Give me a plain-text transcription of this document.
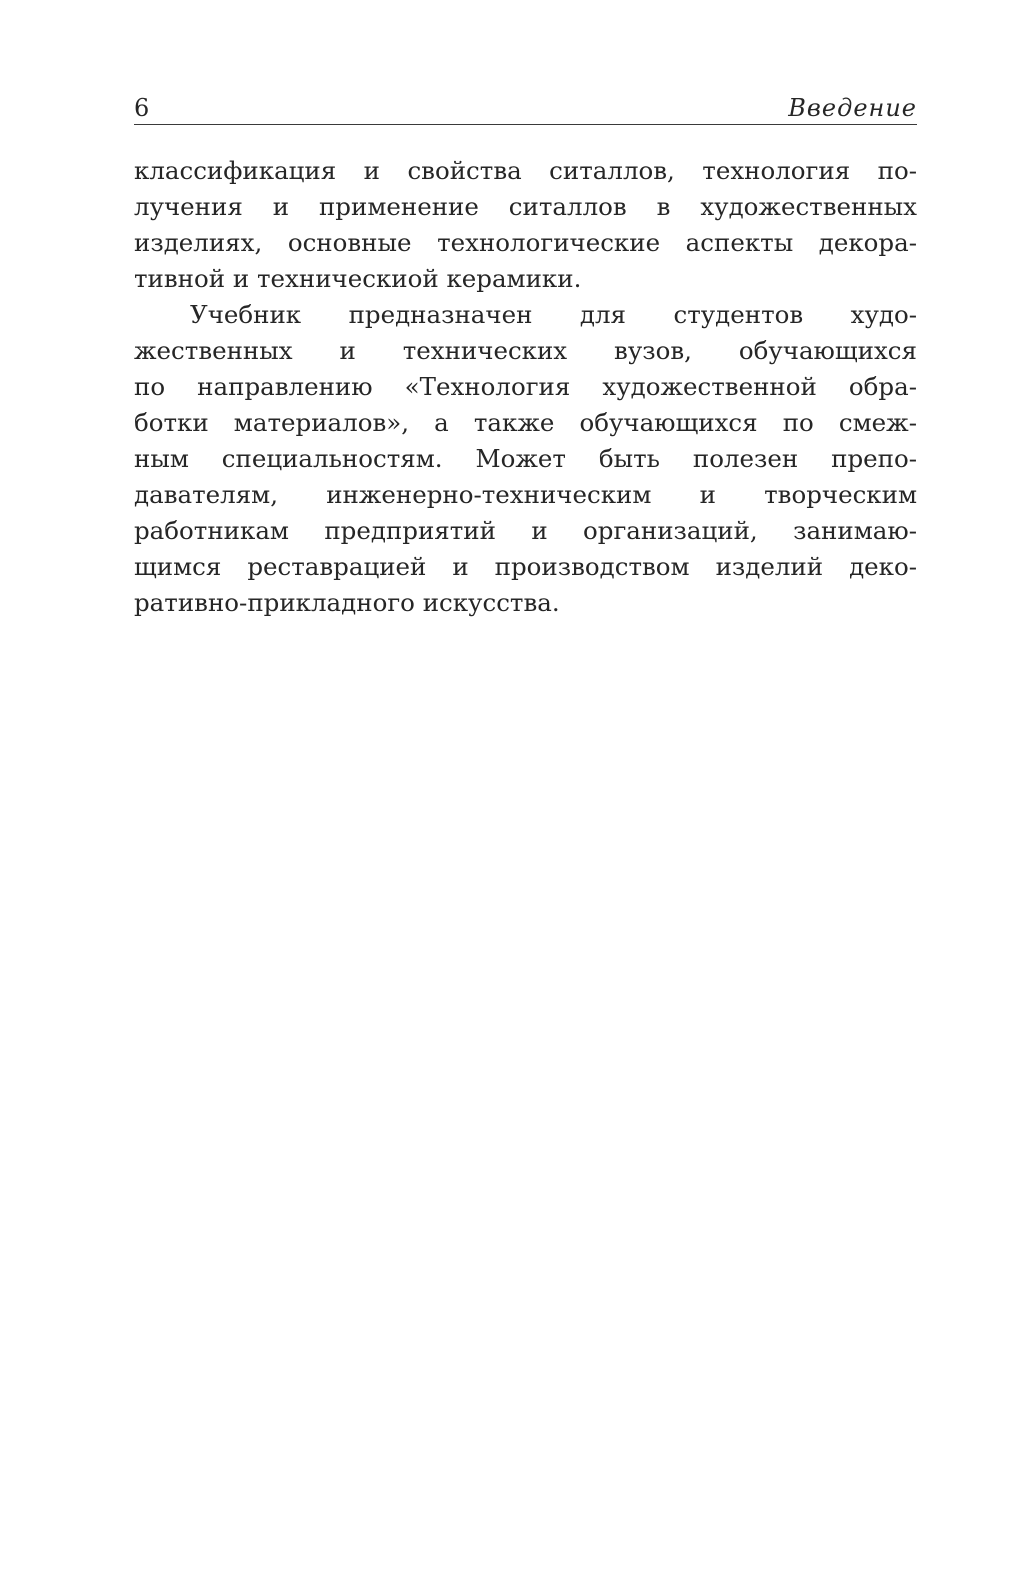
6	Введение
классификация и свойства ситаллов, технология по-
лучения и применение ситаллов в художественных
изделиях, основные технологические аспекты декора-
тивной и техническиой керамики.
Учебник предназначен для студентов худо-
жественных и технических вузов, обучающихся
по направлению «Технология художественной обра-
ботки материалов», а также обучающихся по смеж-
ным специальностям. Может быть полезен препо-
давателям, инженерно-техническим и творческим
работникам предприятий и организаций, занимаю-
щимся реставрацией и производством изделий деко-
ративно-прикладного искусства.
